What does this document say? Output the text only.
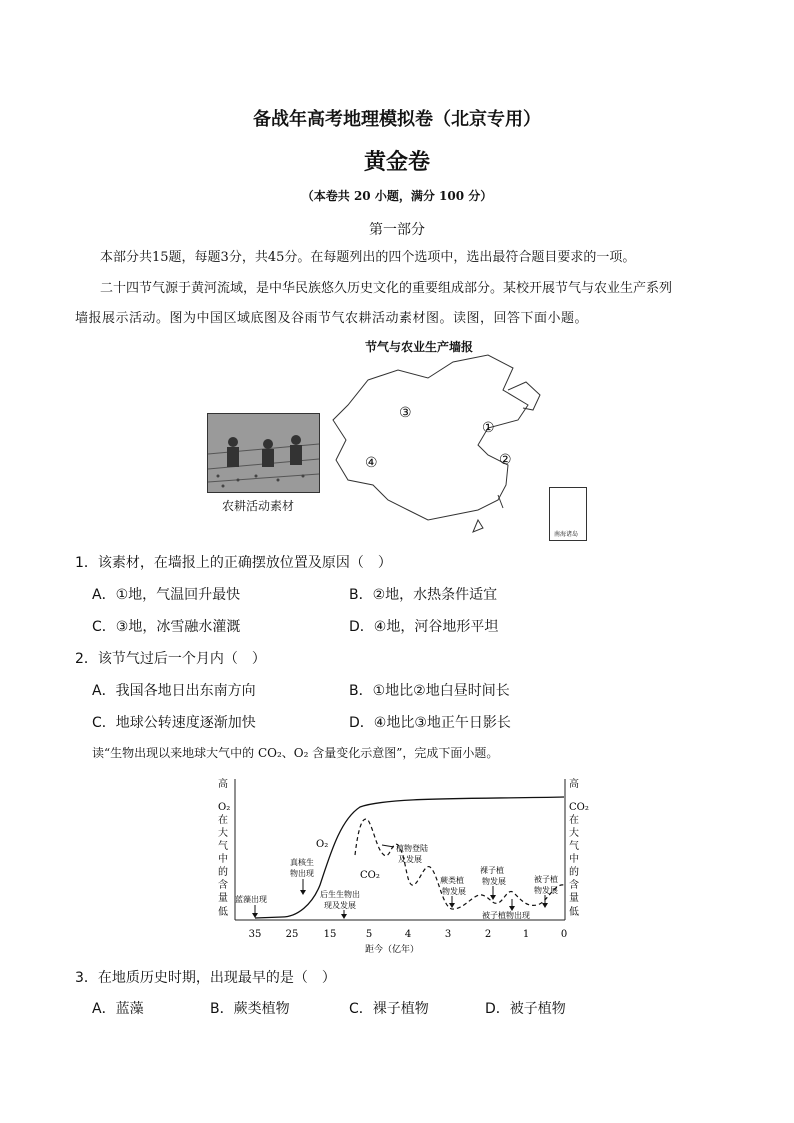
备战年高考地理模拟卷（北京专用）
黄金卷
（本卷共 20 小题，满分 100 分）
第一部分
本部分共15题，每题3分，共45分。在每题列出的四个选项中，选出最符合题目要求的一项。
二十四节气源于黄河流域，是中华民族悠久历史文化的重要组成部分。某校开展节气与农业生产系列
墙报展示活动。图为中国区域底图及谷雨节气农耕活动素材图。读图，回答下面小题。
节气与农业生产墙报
农耕活动素材
③
①
②
④
南海诸岛
1．该素材，在墙报上的正确摆放位置及原因（　）
A．①地，气温回升最快	B．②地，水热条件适宜
C．③地，冰雪融水灌溉	D．④地，河谷地形平坦
2．该节气过后一个月内（　）
A．我国各地日出东南方向	B．①地比②地白昼时间长
C．地球公转速度逐渐加快	D．④地比③地正午日影长
读“生物出现以来地球大气中的 CO₂、O₂ 含量变化示意图”，完成下面小题。
高
低
O₂ 在大气中的含量
高
低
CO₂ 在大气中的含量
O₂
CO₂
35 25	15	5	4	3	2	1	0
距今（亿年）
蓝藻出现
真核生物出现
后生生物出现及发展
植物登陆及发展
蕨类植物发展
裸子植物发展
被子植物出现
被子植物发展
3．在地质历史时期，出现最早的是（　）
A．蓝藻	B．蕨类植物	C．裸子植物	D．被子植物
